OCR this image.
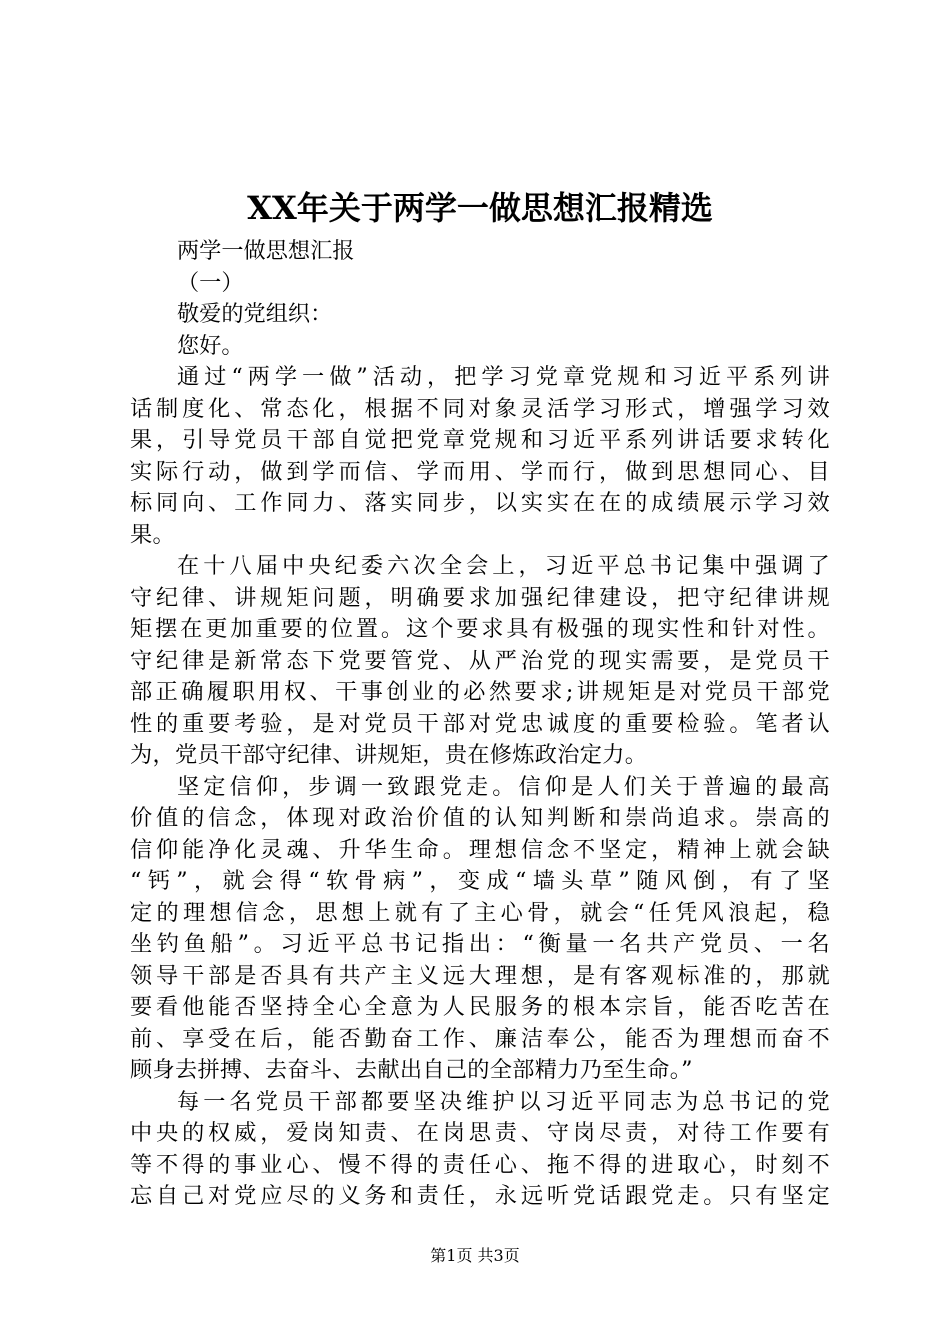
XX年关于两学一做思想汇报精选

两学一做思想汇报

（一）

敬爱的党组织：

您好。

通过“两学一做”活动，把学习党章党规和习近平系列讲
话制度化、常态化，根据不同对象灵活学习形式，增强学习效
果，引导党员干部自觉把党章党规和习近平系列讲话要求转化
实际行动，做到学而信、学而用、学而行，做到思想同心、目
标同向、工作同力、落实同步，以实实在在的成绩展示学习效
果。

在十八届中央纪委六次全会上，习近平总书记集中强调了
守纪律、讲规矩问题，明确要求加强纪律建设，把守纪律讲规
矩摆在更加重要的位置。这个要求具有极强的现实性和针对性。
守纪律是新常态下党要管党、从严治党的现实需要，是党员干
部正确履职用权、干事创业的必然要求;讲规矩是对党员干部党
性的重要考验，是对党员干部对党忠诚度的重要检验。笔者认
为，党员干部守纪律、讲规矩，贵在修炼政治定力。

坚定信仰，步调一致跟党走。信仰是人们关于普遍的最高
价值的信念，体现对政治价值的认知判断和崇尚追求。崇高的
信仰能净化灵魂、升华生命。理想信念不坚定，精神上就会缺
“钙”，就会得“软骨病”，变成“墙头草”随风倒，有了坚
定的理想信念，思想上就有了主心骨，就会“任凭风浪起，稳
坐钓鱼船”。习近平总书记指出：“衡量一名共产党员、一名
领导干部是否具有共产主义远大理想，是有客观标准的，那就
要看他能否坚持全心全意为人民服务的根本宗旨，能否吃苦在
前、享受在后，能否勤奋工作、廉洁奉公，能否为理想而奋不
顾身去拼搏、去奋斗、去献出自己的全部精力乃至生命。”

每一名党员干部都要坚决维护以习近平同志为总书记的党
中央的权威，爱岗知责、在岗思责、守岗尽责，对待工作要有
等不得的事业心、慢不得的责任心、拖不得的进取心，时刻不
忘自己对党应尽的义务和责任，永远听党话跟党走。只有坚定

第1页 共3页
